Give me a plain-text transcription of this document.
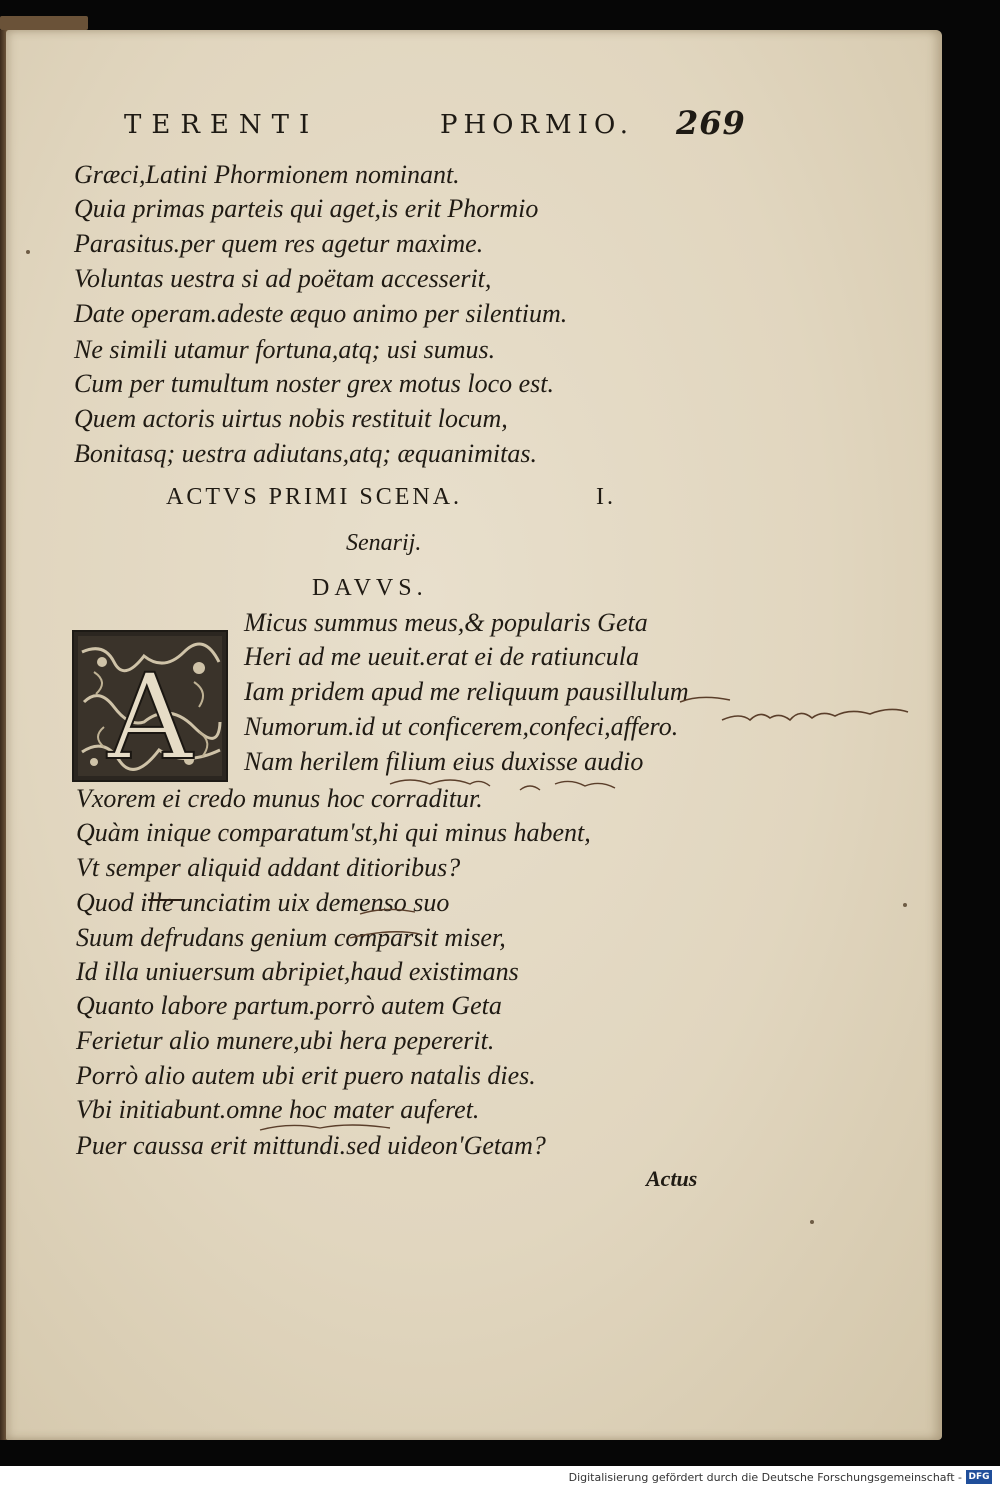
TERENTI	PHORMIO. 269
Græci,Latini Phormionem nominant.
Quia primas parteis qui aget,is erit Phormio
Parasitus.per quem res agetur maxime.
Voluntas uestra si ad poëtam accesserit,
Date operam.adeste æquo animo per silentium.
Ne simili utamur fortuna,atq; usi sumus.
Cum per tumultum noster grex motus loco est.
Quem actoris uirtus nobis restituit locum,
Bonitasq; uestra adiutans,atq; æquanimitas.
ACTVS PRIMI SCENA.	I.
Senarij.
DAVVS.
A
Micus summus meus,& popularis Geta
Heri ad me ueuit.erat ei de ratiuncula
Iam pridem apud me reliquum pausillulum
Numorum.id ut conficerem,confeci,affero.
Nam herilem filium eius duxisse audio
Vxorem ei credo munus hoc corraditur.
Quàm inique comparatum'st,hi qui minus habent,
Vt semper aliquid addant ditioribus?
Quod ille unciatim uix demenso suo
Suum defrudans genium comparsit miser,
Id illa uniuersum abripiet,haud existimans
Quanto labore partum.porrò autem Geta
Ferietur alio munere,ubi hera pepererit.
Porrò alio autem ubi erit puero natalis dies.
Vbi initiabunt.omne hoc mater auferet.
Puer caussa erit mittundi.sed uideon'Getam?
Actus
Digitalisierung gefördert durch die Deutsche Forschungsgemeinschaft - DFG
